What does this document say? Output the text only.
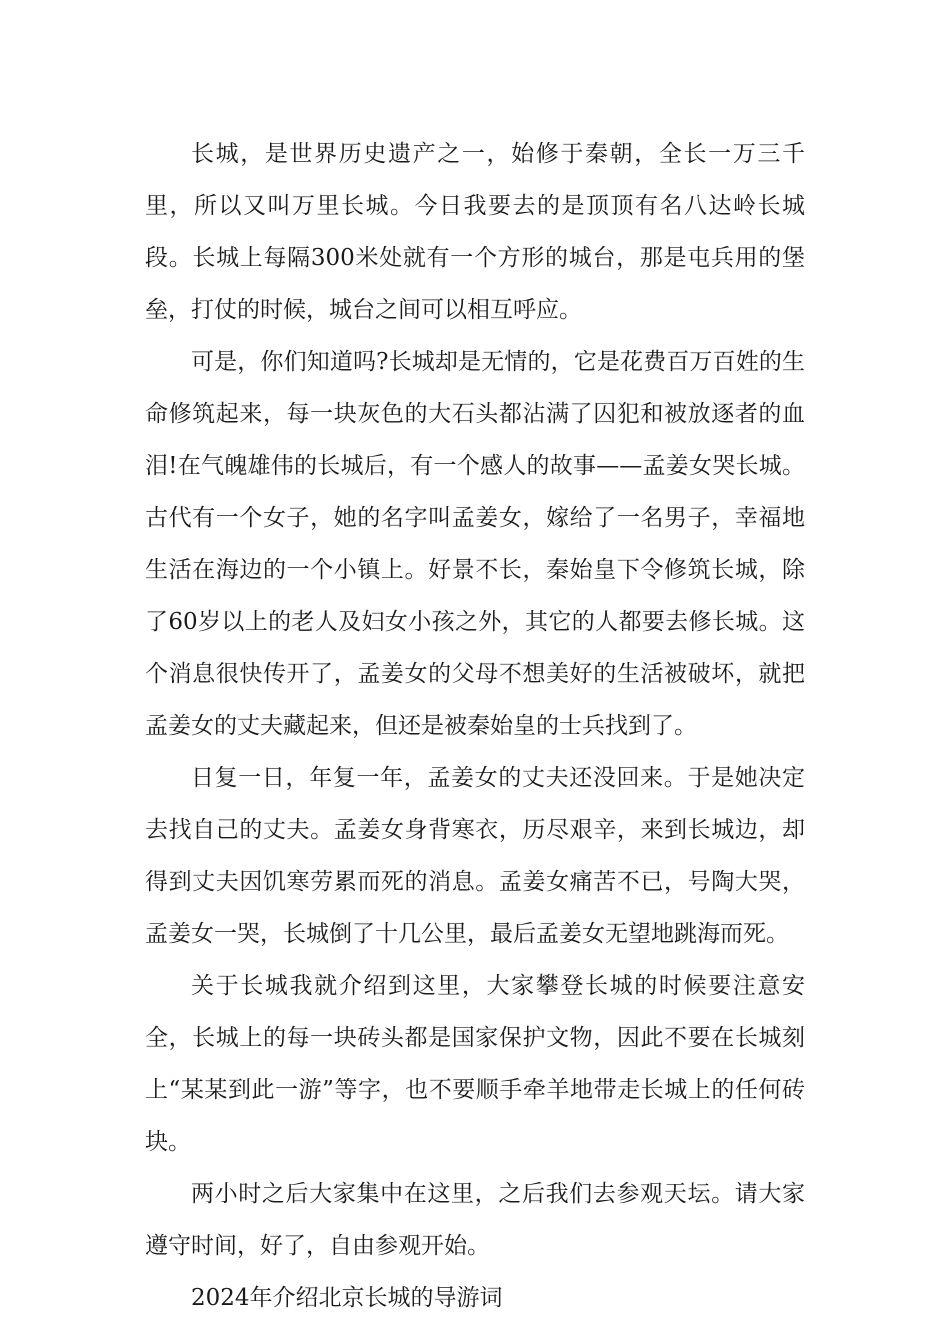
长城，是世界历史遗产之一，始修于秦朝，全长一万三千里，所以又叫万里长城。今日我要去的是顶顶有名八达岭长城段。长城上每隔300米处就有一个方形的城台，那是屯兵用的堡垒，打仗的时候，城台之间可以相互呼应。

可是，你们知道吗?长城却是无情的，它是花费百万百姓的生命修筑起来，每一块灰色的大石头都沾满了囚犯和被放逐者的血泪!在气魄雄伟的长城后，有一个感人的故事——孟姜女哭长城。古代有一个女子，她的名字叫孟姜女，嫁给了一名男子，幸福地生活在海边的一个小镇上。好景不长，秦始皇下令修筑长城，除了60岁以上的老人及妇女小孩之外，其它的人都要去修长城。这个消息很快传开了，孟姜女的父母不想美好的生活被破坏，就把孟姜女的丈夫藏起来，但还是被秦始皇的士兵找到了。

日复一日，年复一年，孟姜女的丈夫还没回来。于是她决定去找自己的丈夫。孟姜女身背寒衣，历尽艰辛，来到长城边，却得到丈夫因饥寒劳累而死的消息。孟姜女痛苦不已，号陶大哭，孟姜女一哭，长城倒了十几公里，最后孟姜女无望地跳海而死。

关于长城我就介绍到这里，大家攀登长城的时候要注意安全，长城上的每一块砖头都是国家保护文物，因此不要在长城刻上“某某到此一游”等字，也不要顺手牵羊地带走长城上的任何砖块。

两小时之后大家集中在这里，之后我们去参观天坛。请大家遵守时间，好了，自由参观开始。

2024年介绍北京长城的导游词
